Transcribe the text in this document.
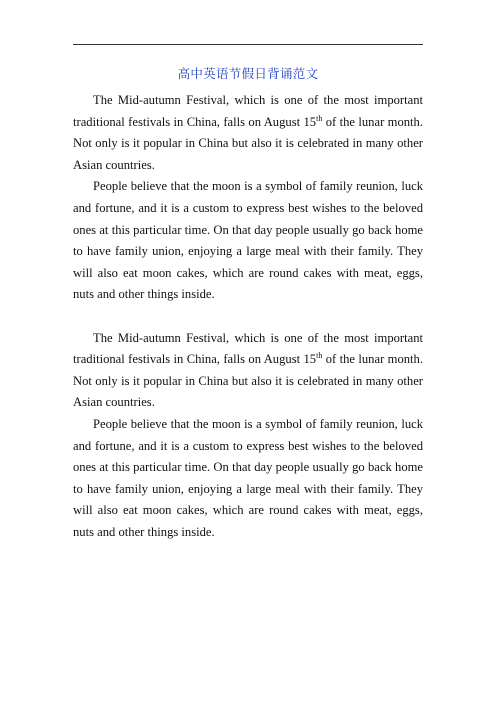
高中英语节假日背诵范文

The Mid-autumn Festival, which is one of the most important traditional festivals in China, falls on August 15th of the lunar month. Not only is it popular in China but also it is celebrated in many other Asian countries.

People believe that the moon is a symbol of family reunion, luck and fortune, and it is a custom to express best wishes to the beloved ones at this particular time. On that day people usually go back home to have family union, enjoying a large meal with their family. They will also eat moon cakes, which are round cakes with meat, eggs, nuts and other things inside.

The Mid-autumn Festival, which is one of the most important traditional festivals in China, falls on August 15th of the lunar month. Not only is it popular in China but also it is celebrated in many other Asian countries.

People believe that the moon is a symbol of family reunion, luck and fortune, and it is a custom to express best wishes to the beloved ones at this particular time. On that day people usually go back home to have family union, enjoying a large meal with their family. They will also eat moon cakes, which are round cakes with meat, eggs, nuts and other things inside.
